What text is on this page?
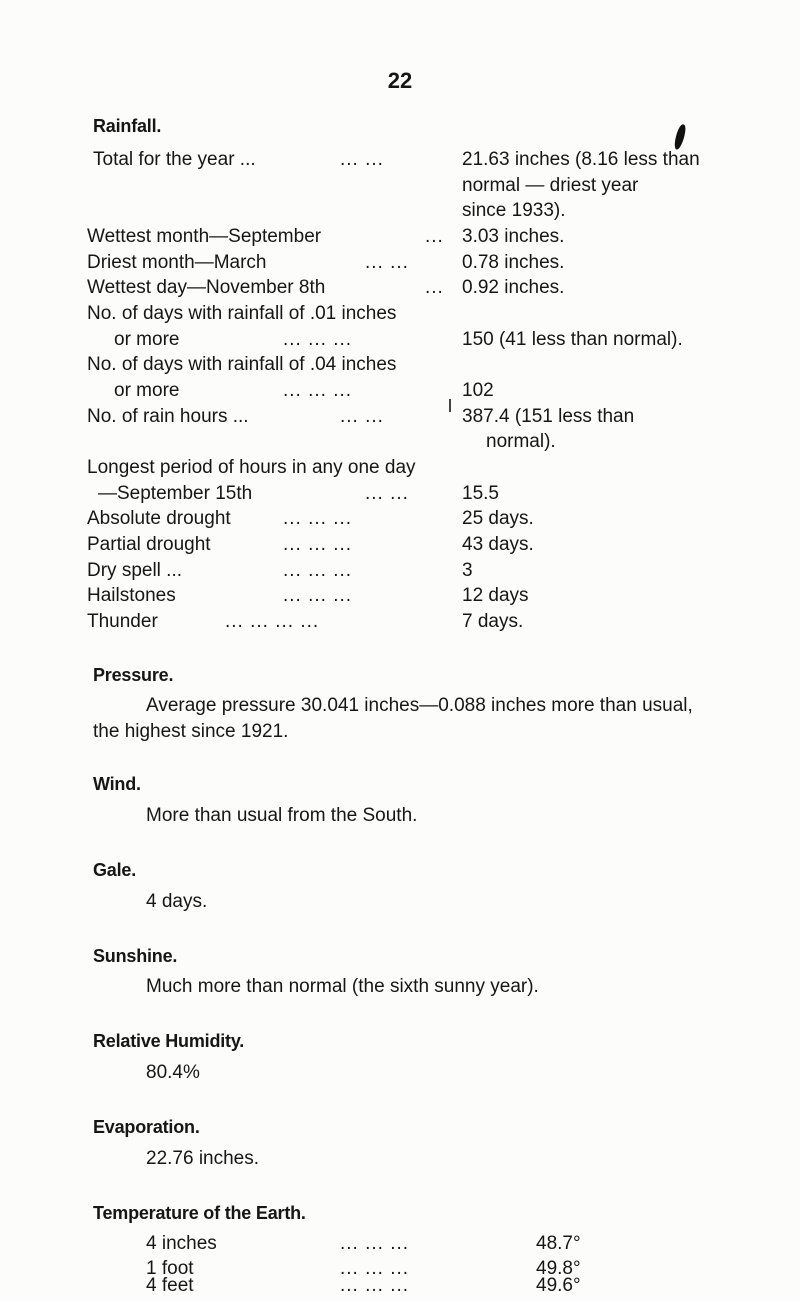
22
Rainfall.
Total for the year ...	... ...	21.63 inches (8.16 less than
normal — driest year
since 1933).
Wettest month—September	... 3.03 inches.
Driest month—March	... ...	0.78 inches.
Wettest day—November 8th	... 0.92 inches.
No. of days with rainfall of .01 inches
or more	... ... ...	150 (41 less than normal).
No. of days with rainfall of .04 inches
or more	... ... ...	102
No. of rain hours ...	... ...	387.4 (151 less than
normal).
Longest period of hours in any one day
—September 15th	... ...	15.5
Absolute drought	... ... ...	25 days.
Partial drought	... ... ...	43 days.
Dry spell ...	... ... ...	3
Hailstones	... ... ...	12 days
Thunder	... ... ... ...	7 days.
Pressure.
Average pressure 30.041 inches—0.088 inches more than usual,
the highest since 1921.
Wind.
More than usual from the South.
Gale.
4 days.
Sunshine.
Much more than normal (the sixth sunny year).
Relative Humidity.
80.4%
Evaporation.
22.76 inches.
Temperature of the Earth.
4 inches	... ... ...	48.7°
1 foot	... ... ...	49.8°
4 feet	... ... ...	49.6°
